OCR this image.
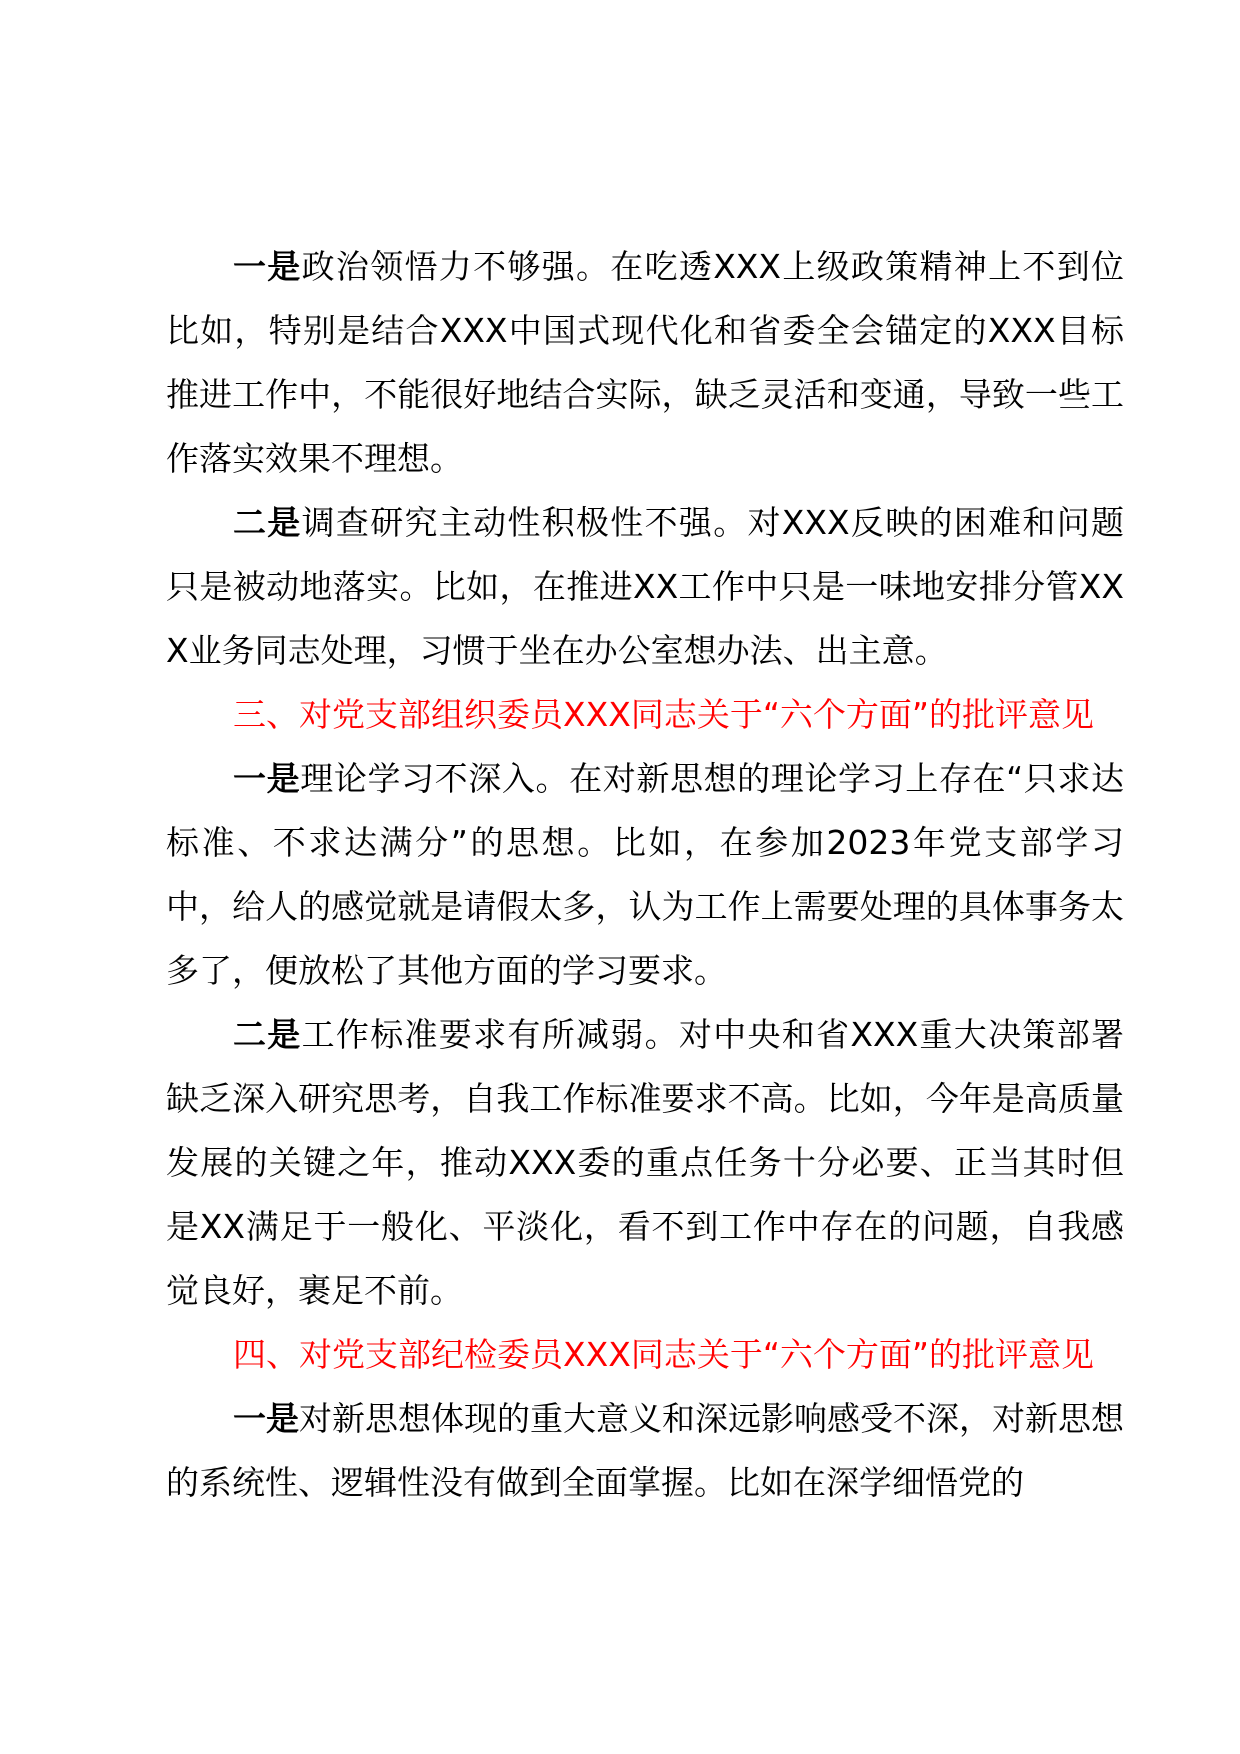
一是政治领悟力不够强。在吃透XXX上级政策精神上不到位比如，特别是结合XXX中国式现代化和省委全会锚定的XXX目标推进工作中，不能很好地结合实际，缺乏灵活和变通，导致一些工作落实效果不理想。

二是调查研究主动性积极性不强。对XXX反映的困难和问题只是被动地落实。比如，在推进XX工作中只是一味地安排分管XXX业务同志处理，习惯于坐在办公室想办法、出主意。

三、对党支部组织委员XXX同志关于“六个方面”的批评意见

一是理论学习不深入。在对新思想的理论学习上存在“只求达标准、不求达满分”的思想。比如，在参加2023年党支部学习中，给人的感觉就是请假太多，认为工作上需要处理的具体事务太多了，便放松了其他方面的学习要求。

二是工作标准要求有所减弱。对中央和省XXX重大决策部署缺乏深入研究思考，自我工作标准要求不高。比如，今年是高质量发展的关键之年，推动XXX委的重点任务十分必要、正当其时但是XX满足于一般化、平淡化，看不到工作中存在的问题，自我感觉良好，裹足不前。

四、对党支部纪检委员XXX同志关于“六个方面”的批评意见

一是对新思想体现的重大意义和深远影响感受不深，对新思想的系统性、逻辑性没有做到全面掌握。比如在深学细悟党的
